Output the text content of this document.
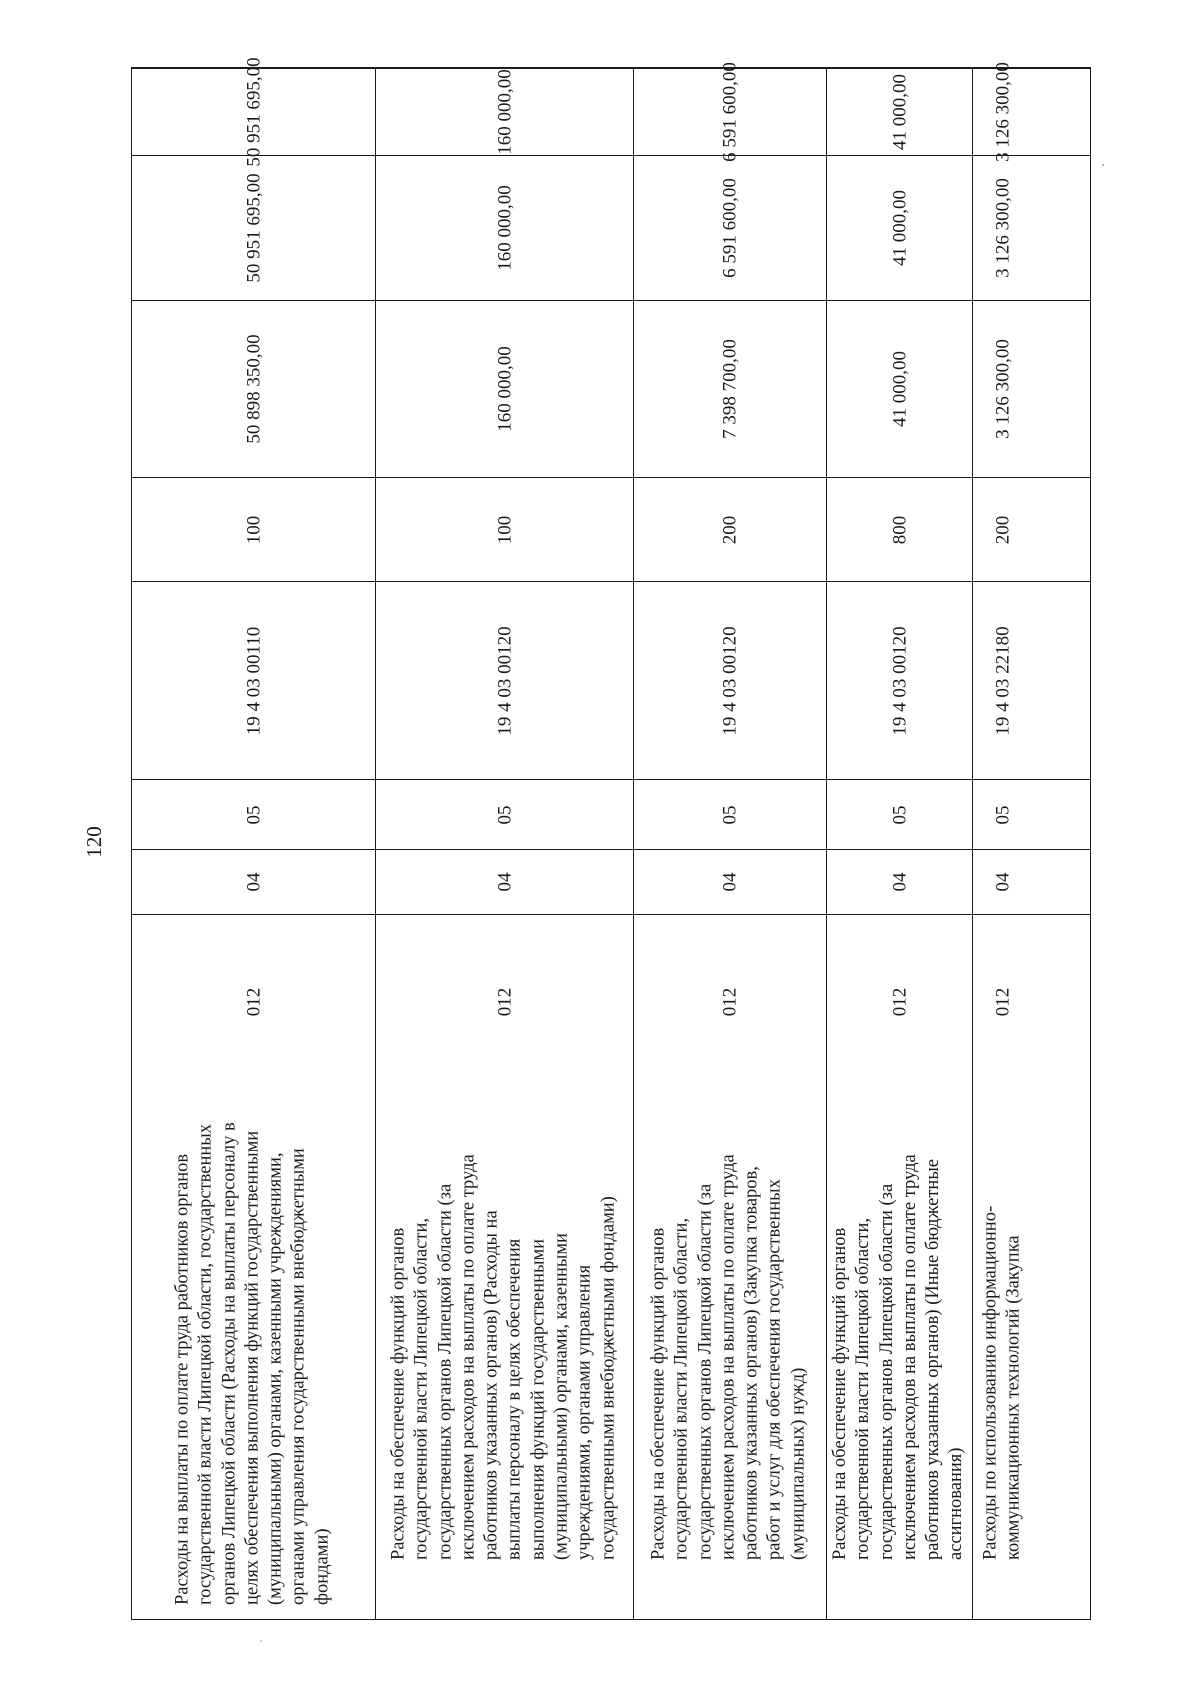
120
Расходы на выплаты по оплате труда работников органов государственной власти Липецкой области, государственных органов Липецкой области (Расходы на выплаты персоналу в целях обеспечения выполнения функций государственными (муниципальными) органами, казенными учреждениями, органами управления государственными внебюджетными фондами)
012
04
05
19 4 03 00110
100
50 898 350,00
50 951 695,00
50 951 695,00
Расходы на обеспечение функций органов государственной власти Липецкой области, государственных органов Липецкой области (за исключением расходов на выплаты по оплате труда работников указанных органов) (Расходы на выплаты персоналу в целях обеспечения выполнения функций государственными (муниципальными) органами, казенными учреждениями, органами управления государственными внебюджетными фондами)
012
04
05
19 4 03 00120
100
160 000,00
160 000,00
160 000,00
Расходы на обеспечение функций органов государственной власти Липецкой области, государственных органов Липецкой области (за исключением расходов на выплаты по оплате труда работников указанных органов) (Закупка товаров, работ и услуг для обеспечения государственных (муниципальных) нужд)
012
04
05
19 4 03 00120
200
7 398 700,00
6 591 600,00
6 591 600,00
Расходы на обеспечение функций органов государственной власти Липецкой области, государственных органов Липецкой области (за исключением расходов на выплаты по оплате труда работников указанных органов) (Иные бюджетные ассигнования)
012
04
05
19 4 03 00120
800
41 000,00
41 000,00
41 000,00
Расходы по использованию информационно-коммуникационных технологий (Закупка
012
04
05
19 4 03 22180
200
3 126 300,00
3 126 300,00
3 126 300,00
